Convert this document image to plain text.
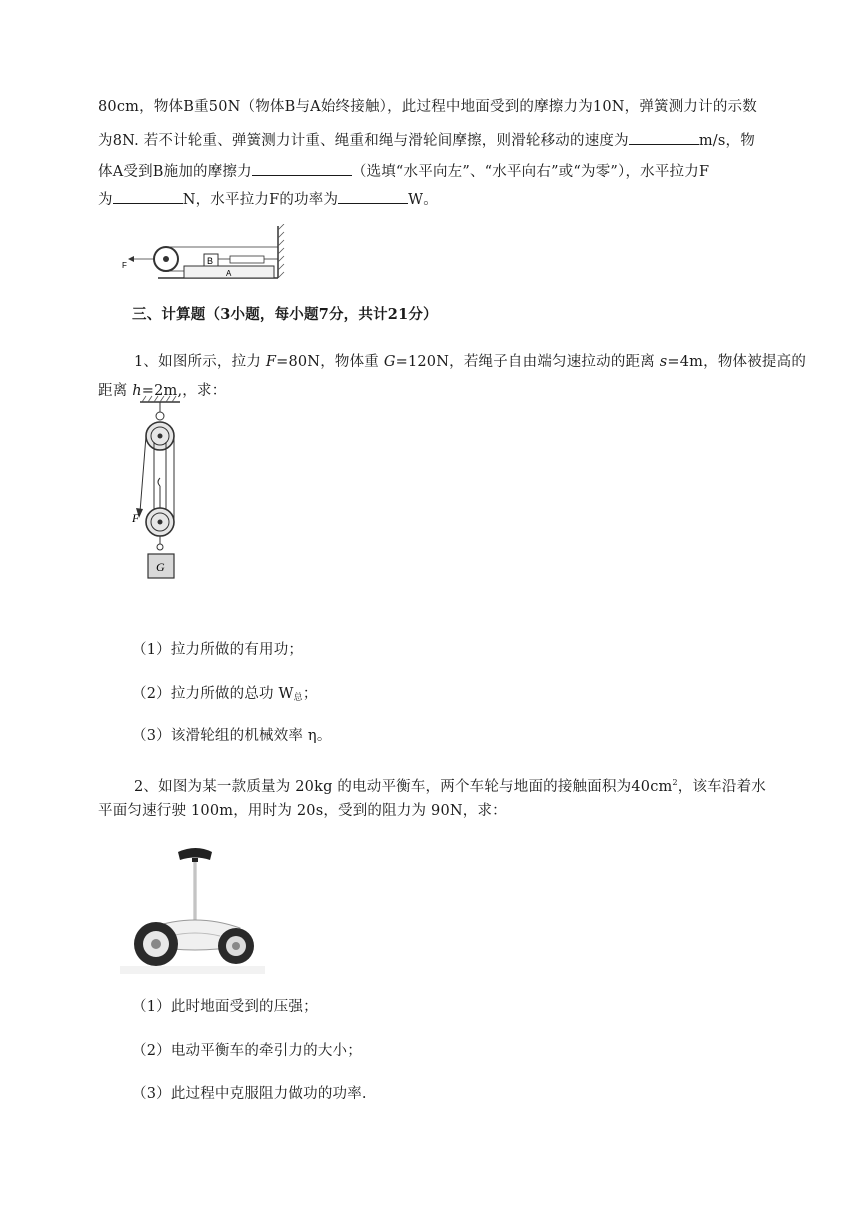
80cm，物体B重50N（物体B与A始终接触），此过程中地面受到的摩擦力为10N，弹簧测力计的示数
为8N. 若不计轮重、弹簧测力计重、绳重和绳与滑轮间摩擦，则滑轮移动的速度为	m/s，物
体A受到B施加的摩擦力	（选填“水平向左”、“水平向右”或“为零”），水平拉力F
为	N，水平拉力F的功率为	W。
A
B
F
三、计算题（3小题，每小题7分，共计21分）
1、如图所示，拉力 F=80N，物体重 G=120N，若绳子自由端匀速拉动的距离 s=4m，物体被提高的
距离 h=2m,，求：
F
G
（1）拉力所做的有用功；
（2）拉力所做的总功 $W_总$；
（3）该滑轮组的机械效率 η。
2、如图为某一款质量为 20kg 的电动平衡车，两个车轮与地面的接触面积为$40cm^2$，该车沿着水
平面匀速行驶 100m，用时为 20s，受到的阻力为 90N，求：
（1）此时地面受到的压强；
（2）电动平衡车的牵引力的大小；
（3）此过程中克服阻力做功的功率.
